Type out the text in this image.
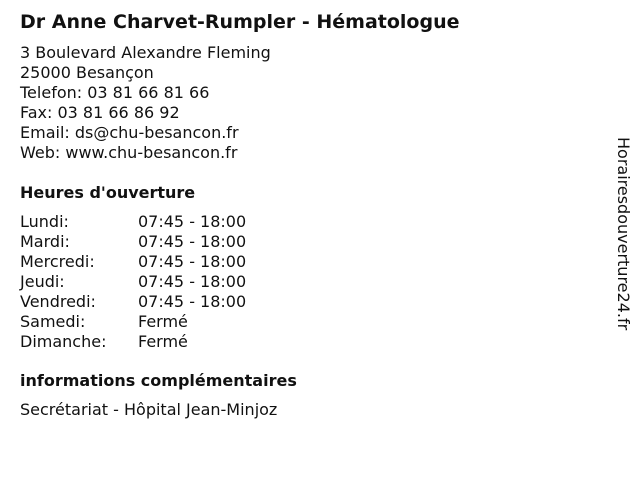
Dr Anne Charvet-Rumpler - Hématologue
3 Boulevard Alexandre Fleming
25000 Besançon
Telefon: 03 81 66 81 66
Fax: 03 81 66 86 92
Email: ds@chu-besancon.fr
Web: www.chu-besancon.fr
Heures d'ouverture
Lundi:	07:45 - 18:00
Mardi:	07:45 - 18:00
Mercredi:	07:45 - 18:00
Jeudi:	07:45 - 18:00
Vendredi:	07:45 - 18:00
Samedi:	Fermé
Dimanche:	Fermé
informations complémentaires
Secrétariat - Hôpital Jean-Minjoz
Horairesdouverture24.fr
